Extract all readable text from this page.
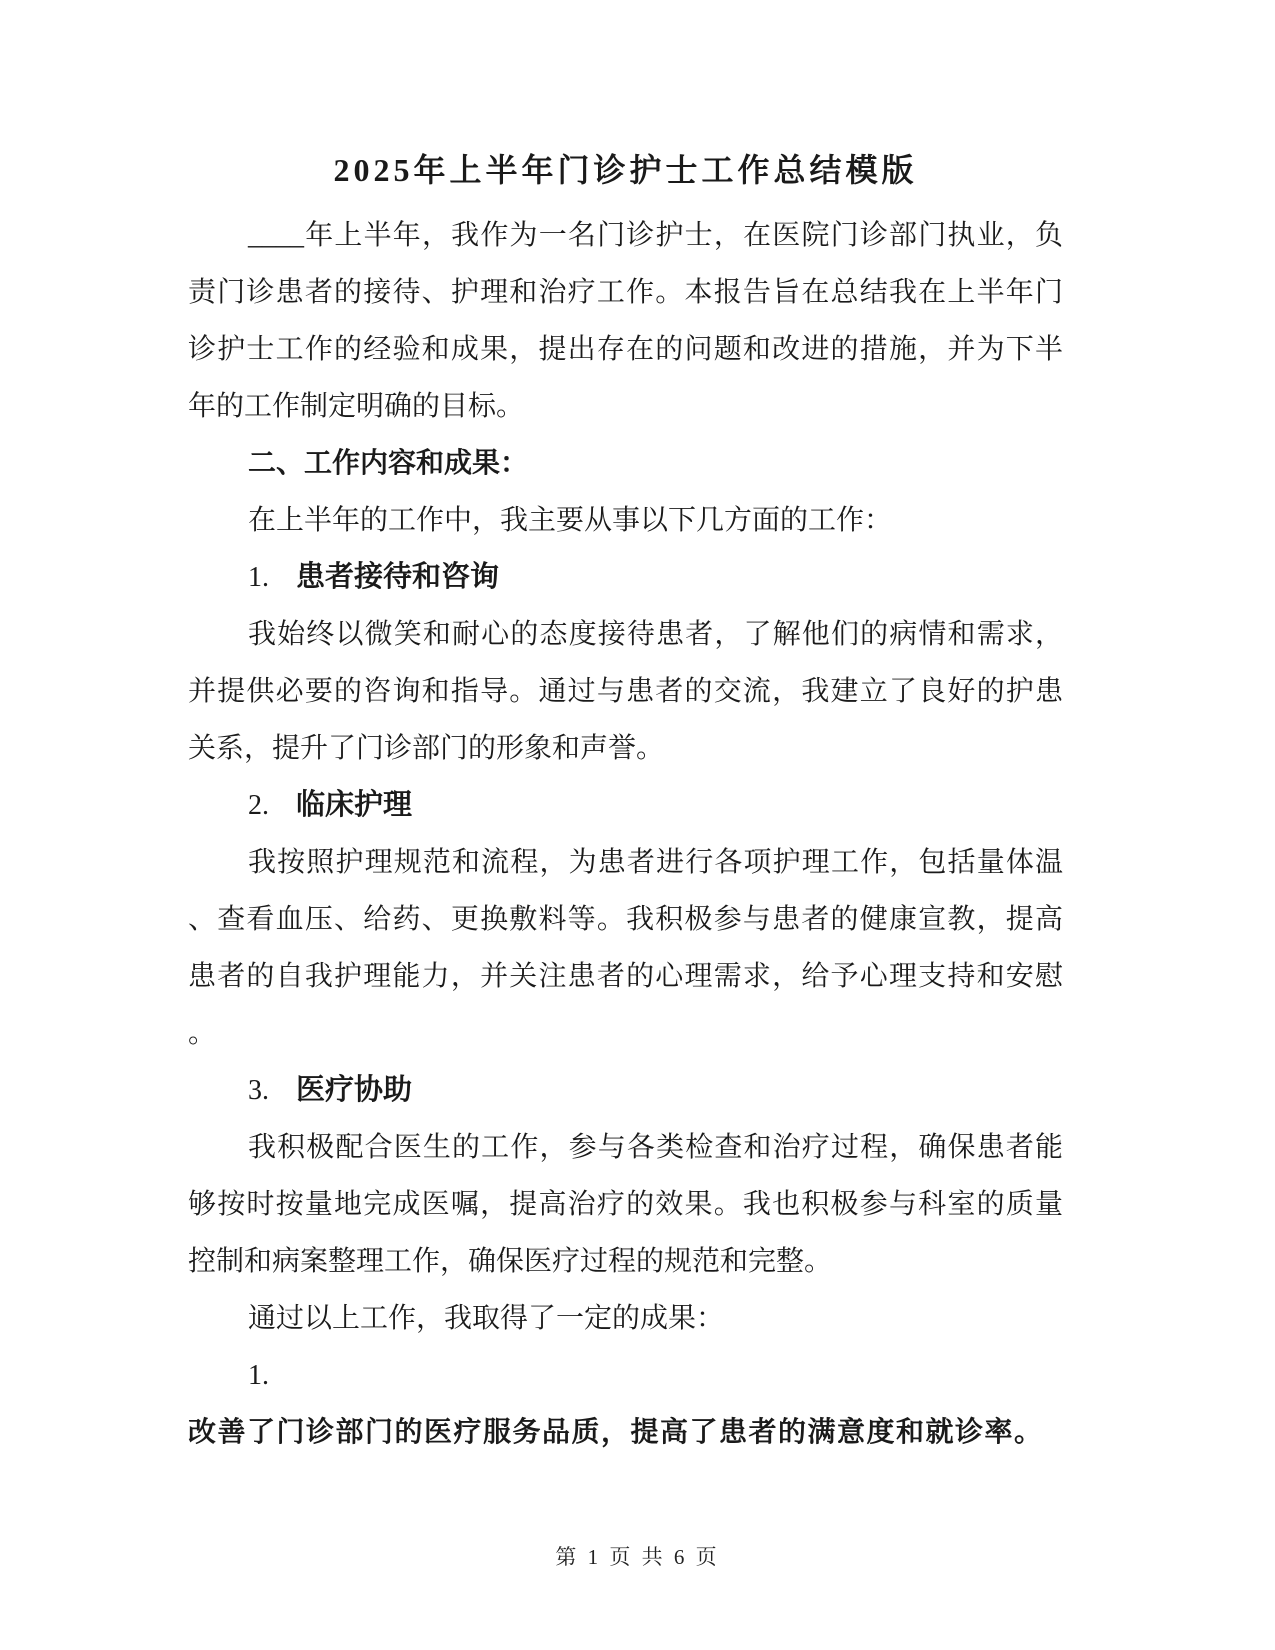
2025年上半年门诊护士工作总结模版
____年上半年，我作为一名门诊护士，在医院门诊部门执业，负
责门诊患者的接待、护理和治疗工作。本报告旨在总结我在上半年门
诊护士工作的经验和成果，提出存在的问题和改进的措施，并为下半
年的工作制定明确的目标。
二、工作内容和成果：
在上半年的工作中，我主要从事以下几方面的工作：
1. 患者接待和咨询
我始终以微笑和耐心的态度接待患者，了解他们的病情和需求，
并提供必要的咨询和指导。通过与患者的交流，我建立了良好的护患
关系，提升了门诊部门的形象和声誉。
2. 临床护理
我按照护理规范和流程，为患者进行各项护理工作，包括量体温
、查看血压、给药、更换敷料等。我积极参与患者的健康宣教，提高
患者的自我护理能力，并关注患者的心理需求，给予心理支持和安慰
。
3. 医疗协助
我积极配合医生的工作，参与各类检查和治疗过程，确保患者能
够按时按量地完成医嘱，提高治疗的效果。我也积极参与科室的质量
控制和病案整理工作，确保医疗过程的规范和完整。
通过以上工作，我取得了一定的成果：
1.
改善了门诊部门的医疗服务品质，提高了患者的满意度和就诊率。
第 1 页 共 6 页
